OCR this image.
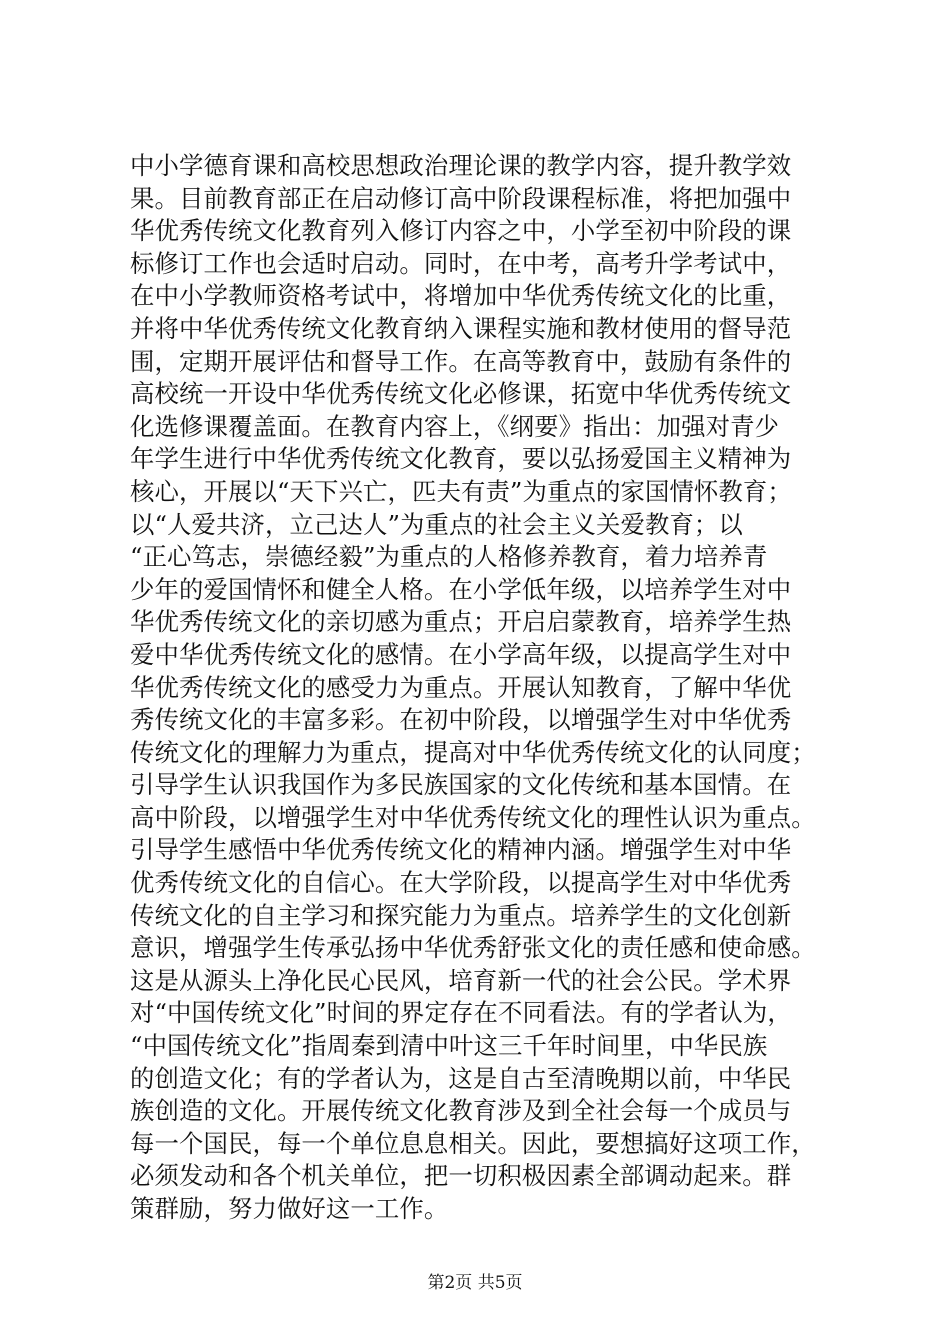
中小学德育课和高校思想政治理论课的教学内容，提升教学效
果。目前教育部正在启动修订高中阶段课程标准，将把加强中
华优秀传统文化教育列入修订内容之中，小学至初中阶段的课
标修订工作也会适时启动。同时，在中考，高考升学考试中，
在中小学教师资格考试中，将增加中华优秀传统文化的比重，
并将中华优秀传统文化教育纳入课程实施和教材使用的督导范
围，定期开展评估和督导工作。在高等教育中，鼓励有条件的
高校统一开设中华优秀传统文化必修课，拓宽中华优秀传统文
化选修课覆盖面。在教育内容上，《纲要》指出：加强对青少
年学生进行中华优秀传统文化教育，要以弘扬爱国主义精神为
核心，开展以“天下兴亡，匹夫有责”为重点的家国情怀教育；
以“人爱共济，立己达人”为重点的社会主义关爱教育；以
“正心笃志，崇德经毅”为重点的人格修养教育，着力培养青
少年的爱国情怀和健全人格。在小学低年级，以培养学生对中
华优秀传统文化的亲切感为重点；开启启蒙教育，培养学生热
爱中华优秀传统文化的感情。在小学高年级，以提高学生对中
华优秀传统文化的感受力为重点。开展认知教育，了解中华优
秀传统文化的丰富多彩。在初中阶段，以增强学生对中华优秀
传统文化的理解力为重点，提高对中华优秀传统文化的认同度；
引导学生认识我国作为多民族国家的文化传统和基本国情。在
高中阶段，以增强学生对中华优秀传统文化的理性认识为重点。
引导学生感悟中华优秀传统文化的精神内涵。增强学生对中华
优秀传统文化的自信心。在大学阶段，以提高学生对中华优秀
传统文化的自主学习和探究能力为重点。培养学生的文化创新
意识，增强学生传承弘扬中华优秀舒张文化的责任感和使命感。
这是从源头上净化民心民风，培育新一代的社会公民。学术界
对“中国传统文化”时间的界定存在不同看法。有的学者认为，
“中国传统文化”指周秦到清中叶这三千年时间里，中华民族
的创造文化；有的学者认为，这是自古至清晚期以前，中华民
族创造的文化。开展传统文化教育涉及到全社会每一个成员与
每一个国民，每一个单位息息相关。因此，要想搞好这项工作，
必须发动和各个机关单位，把一切积极因素全部调动起来。群
策群励，努力做好这一工作。
第2页 共5页
